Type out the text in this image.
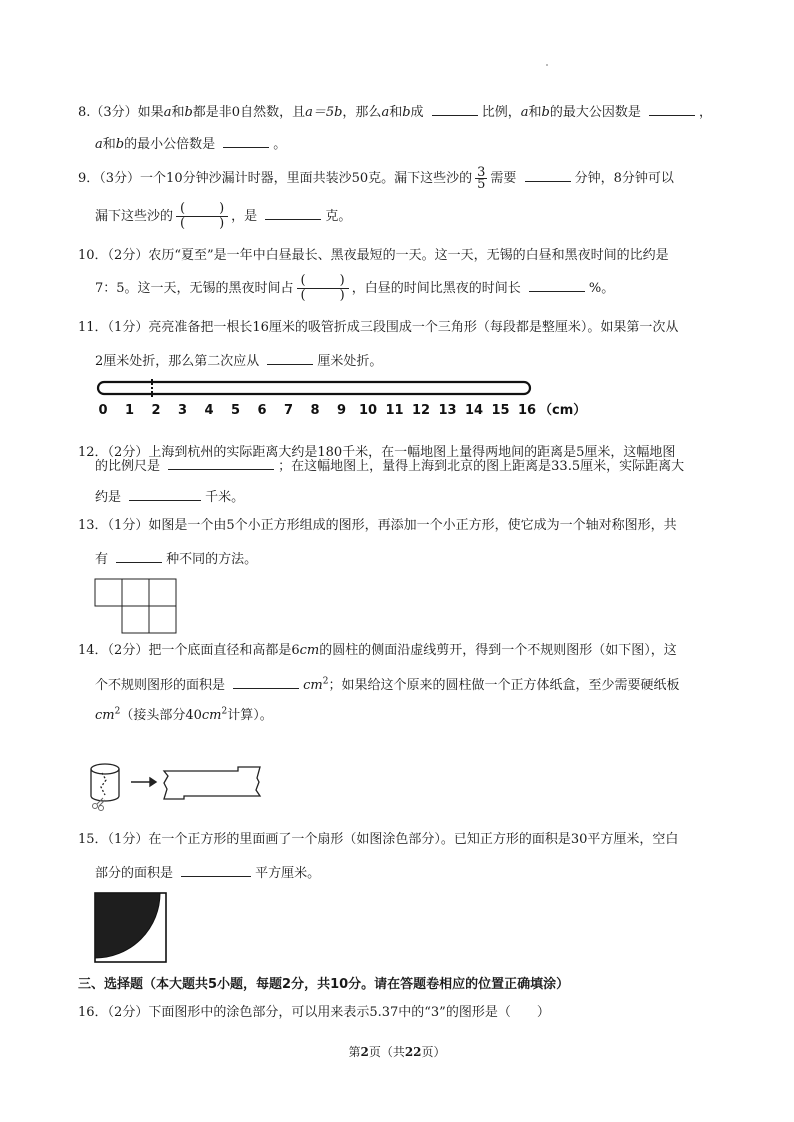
8.（3分）如果a和b都是非0自然数，且a＝5b，那么a和b成	比例，a和b的最大公因数是	，
a和b的最小公倍数是	。
9．（3分）一个10分钟沙漏计时器，里面共装沙50克。漏下这些沙的 $\frac{3}{5}$ 需要	分钟，8分钟可以
漏下这些沙的 (	)
(	) ，是	克。
10．（2分）农历“夏至”是一年中白昼最长、黑夜最短的一天。这一天，无锡的白昼和黑夜时间的比约是
7：5。这一天，无锡的黑夜时间占 (	)
(	) ，白昼的时间比黑夜的时间长	%。
11．（1分）亮亮准备把一根长16厘米的吸管折成三段围成一个三角形（每段都是整厘米）。如果第一次从
2厘米处折，那么第二次应从	厘米处折。
0 1 2 3 4 5 6 7 8 9 10 11 12 13 14 15 16 （cm）
12．（2分）上海到杭州的实际距离大约是180千米，在一幅地图上量得两地间的距离是5厘米，这幅地图
的比例尺是	；在这幅地图上，量得上海到北京的图上距离是33.5厘米，实际距离大
约是	千米。
13．（1分）如图是一个由5个小正方形组成的图形，再添加一个小正方形，使它成为一个轴对称图形，共
有	种不同的方法。
14．（2分）把一个底面直径和高都是6cm的圆柱的侧面沿虚线剪开，得到一个不规则图形（如下图），这
个不规则图形的面积是	$cm^2$；如果给这个原来的圆柱做一个正方体纸盒，至少需要硬纸板
$cm^2$（接头部分$40cm^2$计算）。
15．（1分）在一个正方形的里面画了一个扇形（如图涂色部分）。已知正方形的面积是30平方厘米，空白
部分的面积是	平方厘米。
三、选择题（本大题共5小题，每题2分，共10分。请在答题卷相应的位置正确填涂）
16．（2分）下面图形中的涂色部分，可以用来表示5.37中的“3”的图形是（　　）
第2页（共22页）
